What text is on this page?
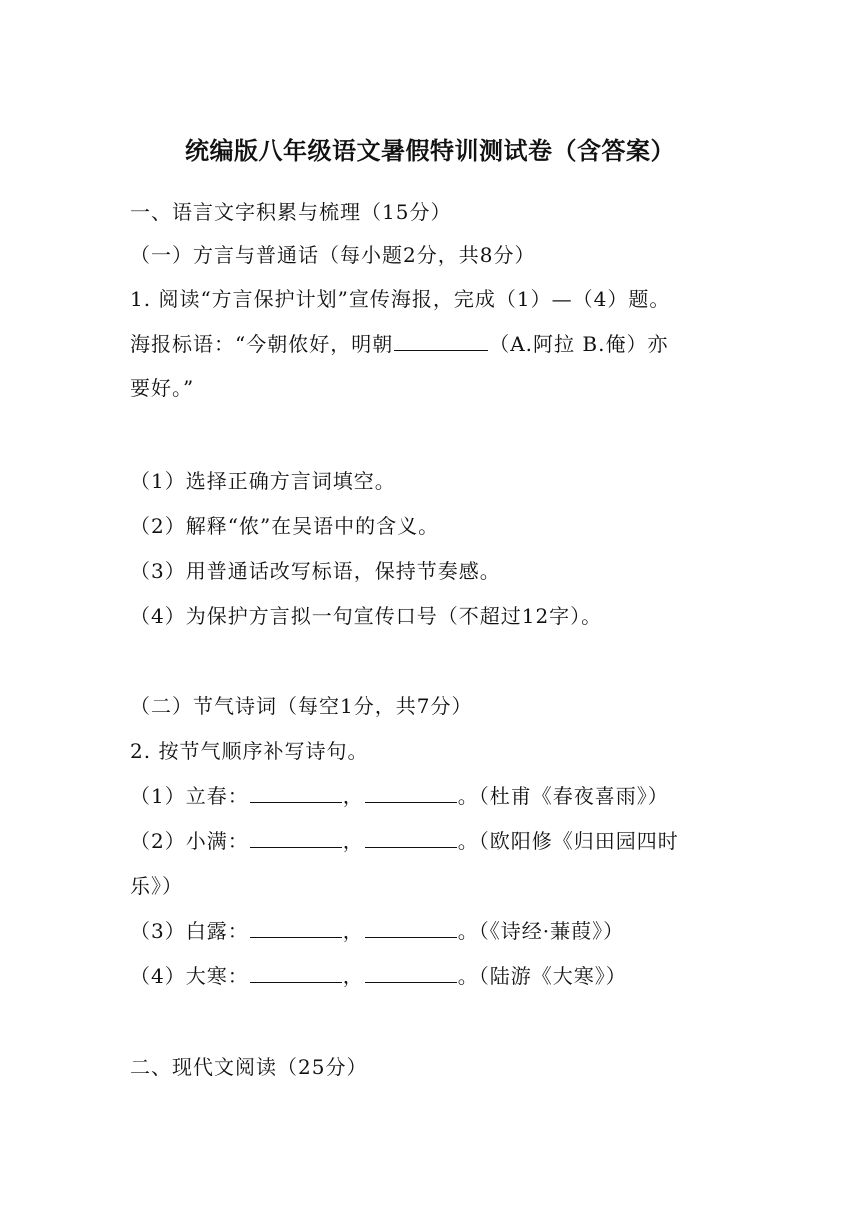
统编版八年级语文暑假特训测试卷（含答案）
一、语言文字积累与梳理（15分）
（一）方言与普通话（每小题2分，共8分）
1. 阅读“方言保护计划”宣传海报，完成（1）—（4）题。
海报标语：“今朝侬好，明朝	（A.阿拉 B.俺）亦
要好。”
（1）选择正确方言词填空。
（2）解释“侬”在吴语中的含义。
（3）用普通话改写标语，保持节奏感。
（4）为保护方言拟一句宣传口号（不超过12字）。
（二）节气诗词（每空1分，共7分）
2. 按节气顺序补写诗句。
（1）立春：	，	。（杜甫《春夜喜雨》）
（2）小满：	，	。（欧阳修《归田园四时
乐》）
（3）白露：	，	。（《诗经·蒹葭》）
（4）大寒：	，	。（陆游《大寒》）
二、现代文阅读（25分）
